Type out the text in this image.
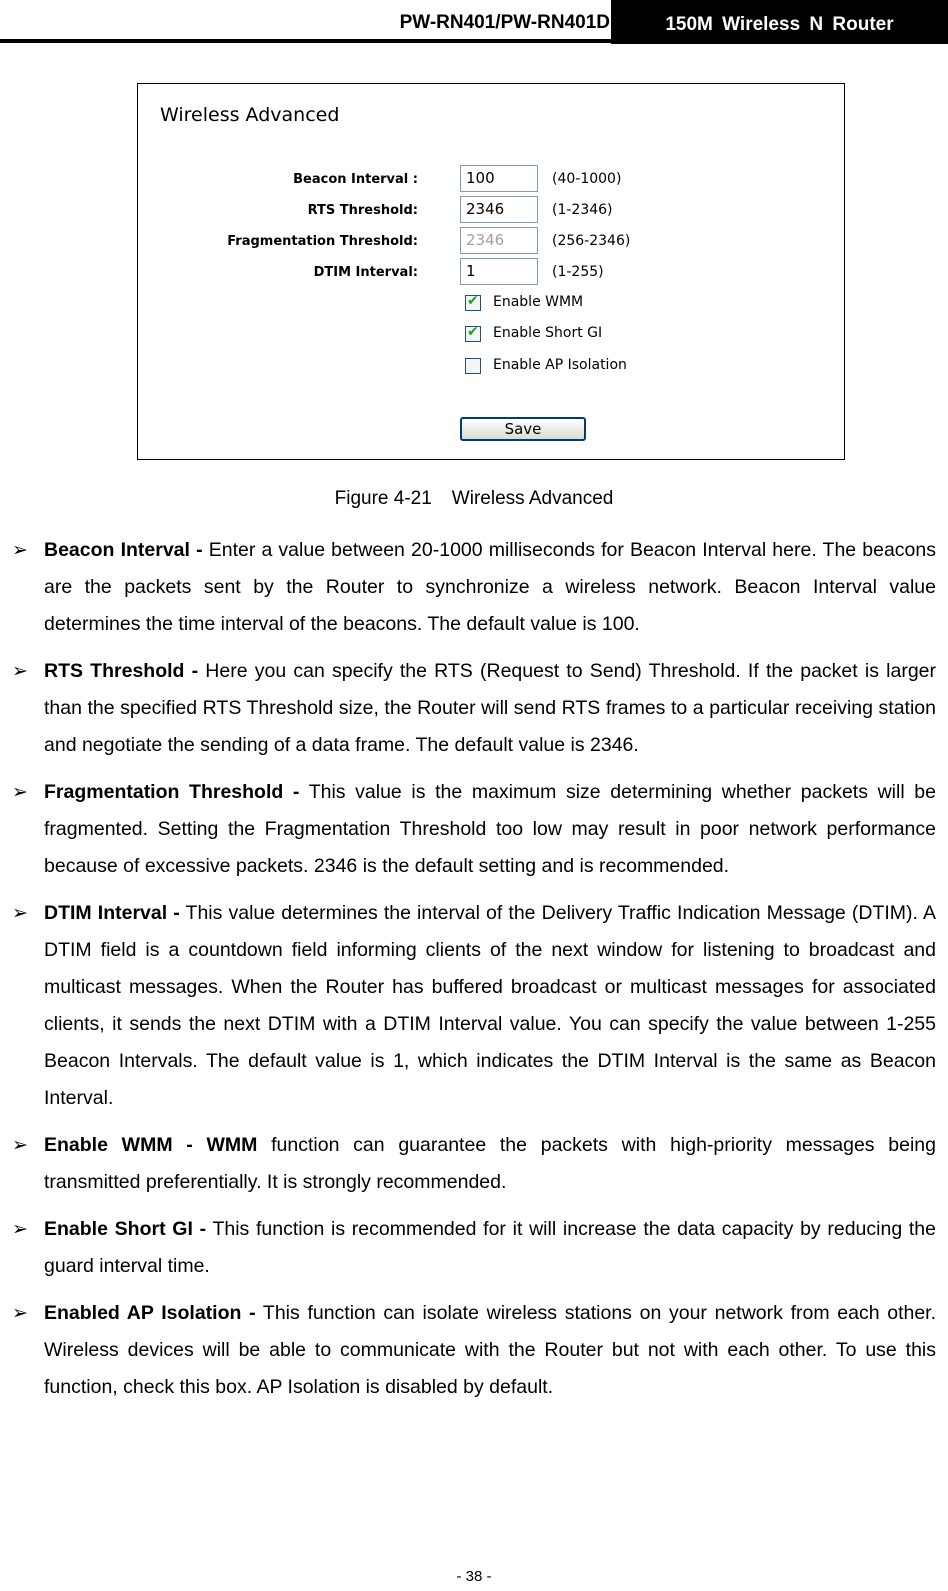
PW-RN401/PW-RN401D	150M Wireless N Router
Wireless Advanced
Beacon Interval :	100	(40-1000)
RTS Threshold:	2346	(1-2346)
Fragmentation Threshold:	2346	(256-2346)
DTIM Interval:	1	(1-255)
✔ Enable WMM
✔ Enable Short GI
Enable AP Isolation
Save
Figure 4-21 Wireless Advanced
➢ Beacon Interval - Enter a value between 20-1000 milliseconds for Beacon Interval here. The beacons are the packets sent by the Router to synchronize a wireless network. Beacon Interval value determines the time interval of the beacons. The default value is 100.
➢ RTS Threshold - Here you can specify the RTS (Request to Send) Threshold. If the packet is larger than the specified RTS Threshold size, the Router will send RTS frames to a particular receiving station and negotiate the sending of a data frame. The default value is 2346.
➢ Fragmentation Threshold - This value is the maximum size determining whether packets will be fragmented. Setting the Fragmentation Threshold too low may result in poor network performance because of excessive packets. 2346 is the default setting and is recommended.
➢ DTIM Interval - This value determines the interval of the Delivery Traffic Indication Message (DTIM). A DTIM field is a countdown field informing clients of the next window for listening to broadcast and multicast messages. When the Router has buffered broadcast or multicast messages for associated clients, it sends the next DTIM with a DTIM Interval value. You can specify the value between 1-255 Beacon Intervals. The default value is 1, which indicates the DTIM Interval is the same as Beacon Interval.
➢ Enable WMM - WMM function can guarantee the packets with high-priority messages being transmitted preferentially. It is strongly recommended.
➢ Enable Short GI - This function is recommended for it will increase the data capacity by reducing the guard interval time.
➢ Enabled AP Isolation - This function can isolate wireless stations on your network from each other. Wireless devices will be able to communicate with the Router but not with each other. To use this function, check this box. AP Isolation is disabled by default.
- 38 -
